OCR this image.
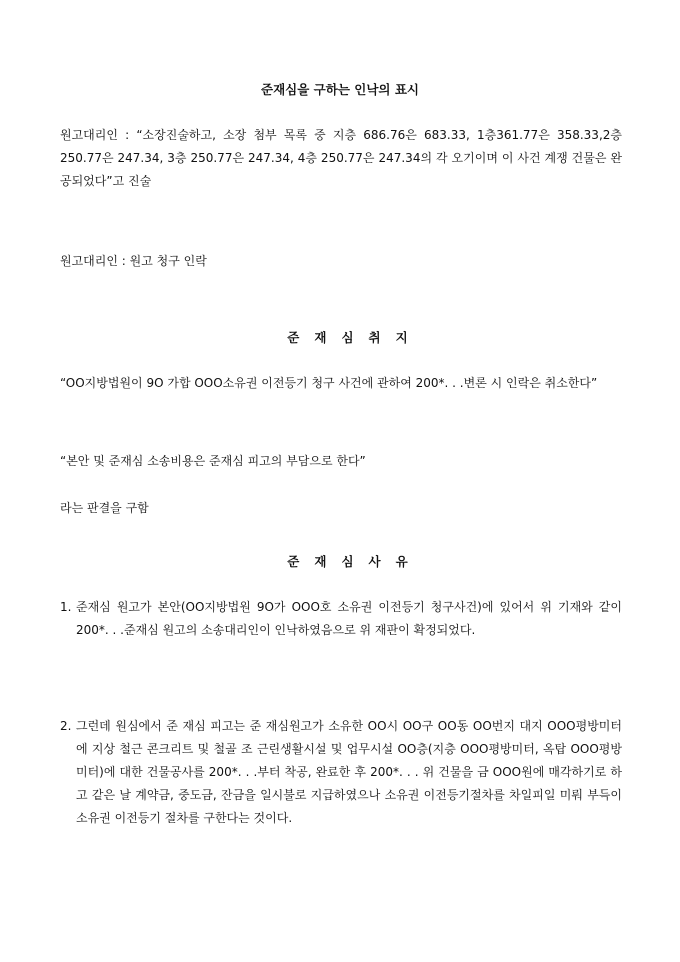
준재심을 구하는 인낙의 표시
원고대리인 : “소장진술하고, 소장 첨부 목록 중 지층 686.76은 683.33, 1층361.77은 358.33,2층 250.77은 247.34, 3층 250.77은 247.34, 4층 250.77은 247.34의 각 오기이며 이 사건 계쟁 건물은 완공되었다”고 진술
원고대리인 : 원고 청구 인락
준재심취지
“OO지방법원이 9O 가합 OOO소유권 이전등기 청구 사건에 관하여 200*. . .변론 시 인락은 취소한다”
“본안 및 준재심 소송비용은 준재심 피고의 부담으로 한다”
라는 판결을 구함
준재심사유
1. 준재심 원고가 본안(OO지방법원 9O가 OOO호 소유권 이전등기 청구사건)에 있어서 위 기재와 같이 200*. . .준재심 원고의 소송대리인이 인낙하였음으로 위 재판이 확정되었다.
2. 그런데 원심에서 준 재심 피고는 준 재심원고가 소유한 OO시 OO구 OO동 OO번지 대지 OOO평방미터에 지상 철근 콘크리트 및 철골 조 근린생활시설 및 업무시설 OO층(지층 OOO평방미터, 옥탑 OOO평방미터)에 대한 건물공사를 200*. . .부터 착공, 완료한 후 200*. . . 위 건물을 금 OOO원에 매각하기로 하고 같은 날 계약금, 중도금, 잔금을 일시불로 지급하였으나 소유권 이전등기절차를 차일피일 미뤄 부득이 소유권 이전등기 절차를 구한다는 것이다.
